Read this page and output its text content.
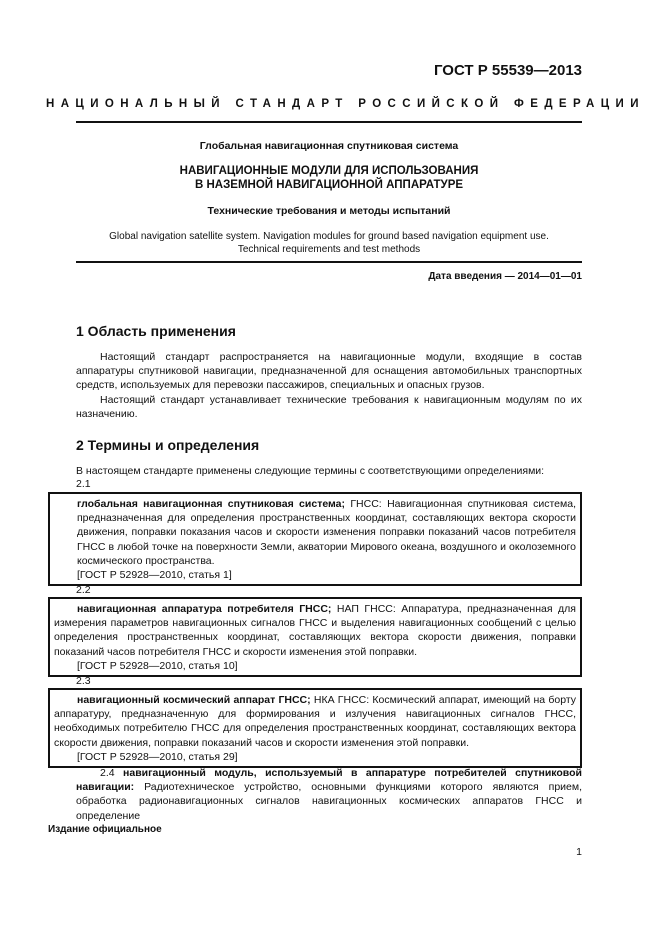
ГОСТ Р 55539—2013
НАЦИОНАЛЬНЫЙ СТАНДАРТ РОССИЙСКОЙ ФЕДЕРАЦИИ
Глобальная навигационная спутниковая система
НАВИГАЦИОННЫЕ МОДУЛИ ДЛЯ ИСПОЛЬЗОВАНИЯ
В НАЗЕМНОЙ НАВИГАЦИОННОЙ АППАРАТУРЕ
Технические требования и методы испытаний
Global navigation satellite system. Navigation modules for ground based navigation equipment use.
Technical requirements and test methods
Дата введения — 2014—01—01
1 Область применения
Настоящий стандарт распространяется на навигационные модули, входящие в состав аппаратуры спутниковой навигации, предназначенной для оснащения автомобильных транспортных средств, используемых для перевозки пассажиров, специальных и опасных грузов.
Настоящий стандарт устанавливает технические требования к навигационным модулям по их назначению.
2 Термины и определения
В настоящем стандарте применены следующие термины с соответствующими определениями:
2.1
глобальная навигационная спутниковая система; ГНСС: Навигационная спутниковая система, предназначенная для определения пространственных координат, составляющих вектора скорости движения, поправки показания часов и скорости изменения поправки показаний часов потребителя ГНСС в любой точке на поверхности Земли, акватории Мирового океана, воздушного и околоземного космического пространства.
[ГОСТ Р 52928—2010, статья 1]
2.2
навигационная аппаратура потребителя ГНСС; НАП ГНСС: Аппаратура, предназначенная для измерения параметров навигационных сигналов ГНСС и выделения навигационных сообщений с целью определения пространственных координат, составляющих вектора скорости движения, поправки показаний часов потребителя ГНСС и скорости изменения этой поправки.
[ГОСТ Р 52928—2010, статья 10]
2.3
навигационный космический аппарат ГНСС; НКА ГНСС: Космический аппарат, имеющий на борту аппаратуру, предназначенную для формирования и излучения навигационных сигналов ГНСС, необходимых потребителю ГНСС для определения пространственных координат, составляющих вектора скорости движения, поправки показаний часов и скорости изменения этой поправки.
[ГОСТ Р 52928—2010, статья 29]
2.4 навигационный модуль, используемый в аппаратуре потребителей спутниковой навигации: Радиотехническое устройство, основными функциями которого являются прием, обработка радионавигационных сигналов навигационных космических аппаратов ГНСС и определение
Издание официальное
1
